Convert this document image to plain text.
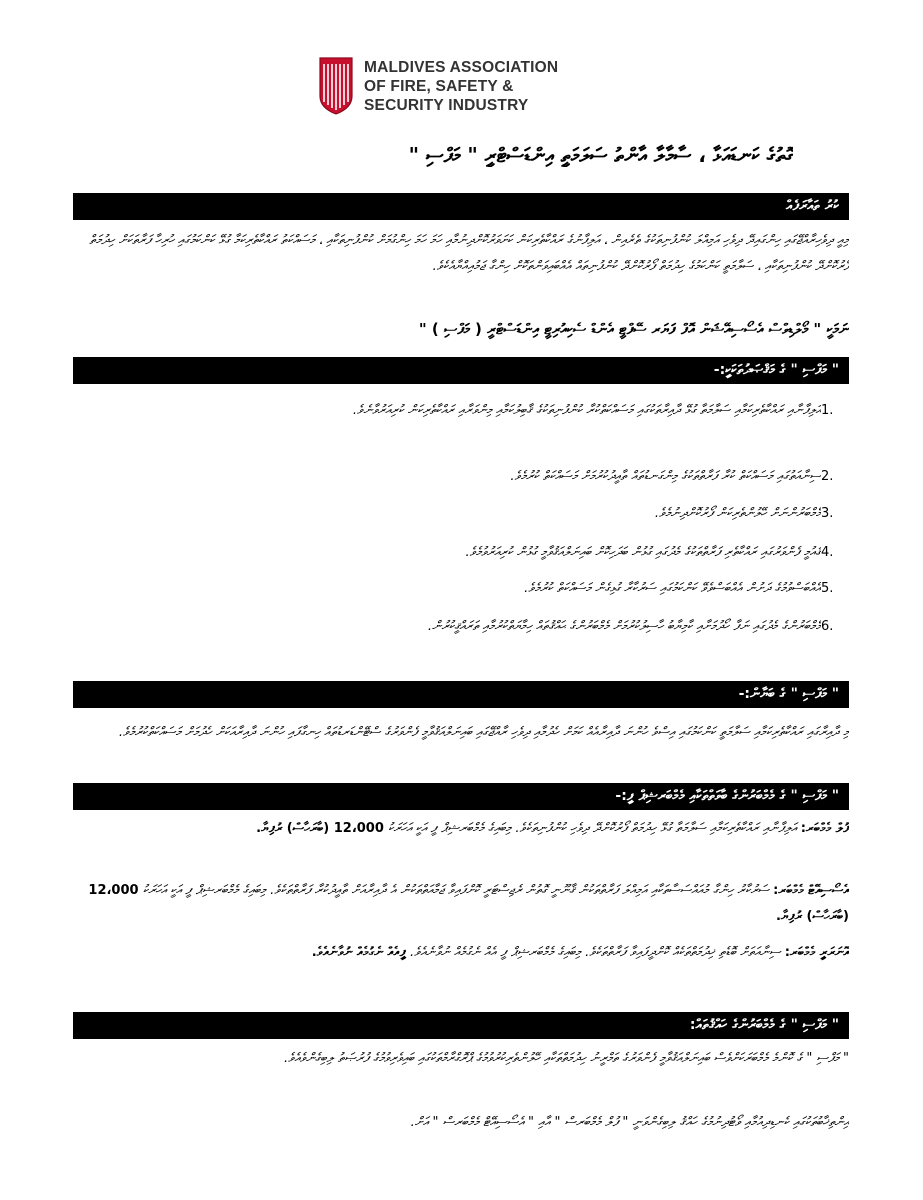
MALDIVES ASSOCIATION
OF FIRE, SAFETY &
SECURITY INDUSTRY
ގޮތުގެ ކަނޑައަޅާ ، ސާމާލާ އާންތު ސަލަމަތީ އިންޑަސްޓްރީ " މަފްސި "
ކުރު ތައާރަފެއް
މިއީ ދިވެހިރާއްޖޭގައި ހިންގައިދޭ ދިވެހި އަމިއްލަ ކުންފުނިތަކުގެ ތެރެއިން ، އަލިފާނުގެ ރައްކާތެރިކަން ކަށަވަރުކޮށްދިނުމާއި ހަމަ ހަމަ ހިންގުމަށް ކުންފުނިތަކާއި ، މަސައްކަތު ރައްކާތެރިކަމާ ގުޅޭ ކަންކަމުގައި ހުރިހާ ފަރާތަކަށް ހިދުމަތް ފޯރުކޮށްދޭ ކުންފުނިތަކާއި ، ސަލާމަތީ ކަންކަމުގެ ހިދުމަތް ފޯރުކޮށްދޭ ކުންފުނިތައް އެއްބައިވަންތަކޮށް ހިންގާ ޖަމުއިއްޔާއެކެވެ.
ނަމަކީ " މޯލްޑިވްސް އެސޯސިއޭޝަން އޮފް ފަޔަރ ސޭފްޓީ އެންޑް ސެކިއުރިޓީ އިންޑަސްޓްރީ ( މަފްސި ) "
" މަފްސި " ގެ މަޤްޞަދުތަކަކީ:-
1.
އަލިފާނާއި ރައްކާތެރިކަމާއި ސަލާމަތާ ގުޅޭ ދާއިރާތަކުގައި މަސައްކަތްކުރާ ކުންފުނިތަކުގެ ޤާބިލުކަމާއި މިންވަރާއި ރައްކާތެރިކަން ކުރިއަރުވާނެވެ.
2.
ސިނާއަތުގައި މަސައްކަތް ކުރާ ފަރާތްތަކުގެ މިންގަނޑުތައް ތާއީދުކުރުމަށް މަސައްކަތް ކުރުމެވެ.
3.
މެމްބަރުންނަށް ހޭލުންތެރިކަން ފޯރުކޮށްދިނުމެވެ.
4.
ޤައުމީ ފެންވަރުގައި ރައްކާތެރި ފަރާތްތަކުގެ މެދުގައި ގުޅުން ބަދަހިކޮށް ބައިނަލްއަޤުވާމީ ގުޅުން ކުރިއަރުވުމެވެ.
5.
އެއްބަސްވުމުގެ ދަށުން އެއްބަސްވެވޭ ކަންކަމުގައި ސަރުކާރާ ގުޅިގެން މަސައްކަތް ކުރުމެވެ.
6.
މެމްބަރުންގެ މެދުގައި ނަފާ ހޯދުމަށާއި ކާމިޔާބު ހާސިލުކުރުމަށް މެމްބަރުންގެ ޙައްޤުތައް ހިމާޔަތްކުރުމާއި ތަރައްޤީކުރުން.
" މަފްސި " ގެ ބަޔާން:-
މި ދާއިރާގައި ރައްކާތެރިކަމާއި ސަލާމަތީ ކަންކަމުގައި އިސްވެ ހުންނަ ދާއިރާއެއް ކަމަށް ހެދުމާއި ދިވެހި ރާއްޖޭގައި ބައިނަލްއަޤުވާމީ ފެންވަރުގެ ސްޓޭންޑަރޑުތައް ހިނގާފައި ހުންނަ ދާއިރާއަކަށް ހެދުމަށް މަސައްކަތްކުރުމެވެ.
" މަފްސި " ގެ މެމްބަރުންގެ ބާވަތްތަކާއި މެމްބަރޝިޕް ފީ:-
ފުލް މެމްބަރ: އަލިފާނާއި ރައްކާތެރިކަމާއި ސަލާމަތާ ގުޅޭ ހިދުމަތް ފޯރުކޮށްދޭ ދިވެހި ކުންފުނިތަކެވެ. މިބައިގެ މެމްބަރޝިޕް ފީ އަކީ އަހަރަކު 12،000 (ބާރަހާސް) ރުފިޔާ.
އެސޯސިއޭޓް މެމްބަރ: ސަރުކާރު ހިންގާ މުއައްސަސާތަކާއި އަމިއްލަ ފަރާތްތަކުން ޤާނޫނީ ގޮތުން ރެޖިސްޓަރީ ކޮށްފައިވާ ޖަމާއަތްތަކުން އެ ދާއިރާއަށް ތާއީދުކުރާ ފަރާތްތަކެވެ. މިބައިގެ މެމްބަރޝިޕް ފީ އަކީ އަހަރަކު 12،000 (ބާރަހާސް) ރުފިޔާ.
އޮނަރަރީ މެމްބަރ: ސިނާއަތަށް ބޮޑެތި ޚިދުމަތްތަކެއް ކޮށްދީފައިވާ ފަރާތްތަކެވެ. މިބައިގެ މެމްބަރޝިޕް ފީ އެއް ނެގުމެއް ނުވާނެއެވެ. ފީއެއް ނެގުމެއް ނުވާނެއެވެ.
" މަފްސި " ގެ މެމްބަރުންގެ ހައްޤުތައް:
" މަފްސި " ގެ ކޮންމެ މެމްބަރަކަށްވެސް ބައިނަލްއަޤުވާމީ ފެންވަރުގެ ތަމްރީނު ހިދުމަތްތަކާއި ހޭލުންތެރިކުރުވުމުގެ ޕްރޮގްރާމްތަކުގައި ބައިވެރިވުމުގެ ފުރުޞަތު ލިބިގެންވެއެވެ.
އިންތިޚާބުތަކުގައި ކެނޑިދިއުމާއި ވޯޓުދިނުމުގެ ހައްޤު ލިބިގެންވަނީ " ފުލް މެމްބަރސް " އާއި " އެސޯސިއޭޓް މެމްބަރސް " އަށް.
